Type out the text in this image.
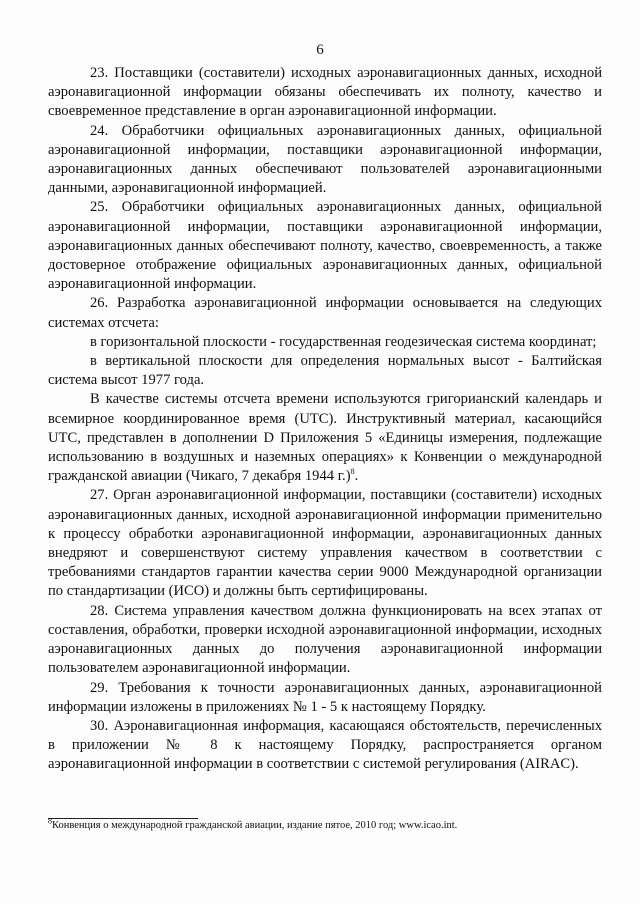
6

23. Поставщики (составители) исходных аэронавигационных данных, исходной аэронавигационной информации обязаны обеспечивать их полноту, качество и своевременное представление в орган аэронавигационной информации.

24. Обработчики официальных аэронавигационных данных, официальной аэронавигационной информации, поставщики аэронавигационной информации, аэронавигационных данных обеспечивают пользователей аэронавигационными данными, аэронавигационной информацией.

25. Обработчики официальных аэронавигационных данных, официальной аэронавигационной информации, поставщики аэронавигационной информации, аэронавигационных данных обеспечивают полноту, качество, своевременность, а также достоверное отображение официальных аэронавигационных данных, официальной аэронавигационной информации.

26. Разработка аэронавигационной информации основывается на следующих системах отсчета:

в горизонтальной плоскости - государственная геодезическая система координат;

в вертикальной плоскости для определения нормальных высот - Балтийская система высот 1977 года.

В качестве системы отсчета времени используются григорианский календарь и всемирное координированное время (UTC). Инструктивный материал, касающийся UTC, представлен в дополнении D Приложения 5 «Единицы измерения, подлежащие использованию в воздушных и наземных операциях» к Конвенции о международной гражданской авиации (Чикаго, 7 декабря 1944 г.)$^8$.

27. Орган аэронавигационной информации, поставщики (составители) исходных аэронавигационных данных, исходной аэронавигационной информации применительно к процессу обработки аэронавигационной информации, аэронавигационных данных внедряют и совершенствуют систему управления качеством в соответствии с требованиями стандартов гарантии качества серии 9000 Международной организации по стандартизации (ИСО) и должны быть сертифицированы.

28. Система управления качеством должна функционировать на всех этапах от составления, обработки, проверки исходной аэронавигационной информации, исходных аэронавигационных данных до получения аэронавигационной информации пользователем аэронавигационной информации.

29. Требования к точности аэронавигационных данных, аэронавигационной информации изложены в приложениях № 1 - 5 к настоящему Порядку.

30. Аэронавигационная информация, касающаяся обстоятельств, перечисленных в приложении № 8 к настоящему Порядку, распространяется органом аэронавигационной информации в соответствии с системой регулирования (AIRAC).

$^8$Конвенция о международной гражданской авиации, издание пятое, 2010 год; www.icao.int.
